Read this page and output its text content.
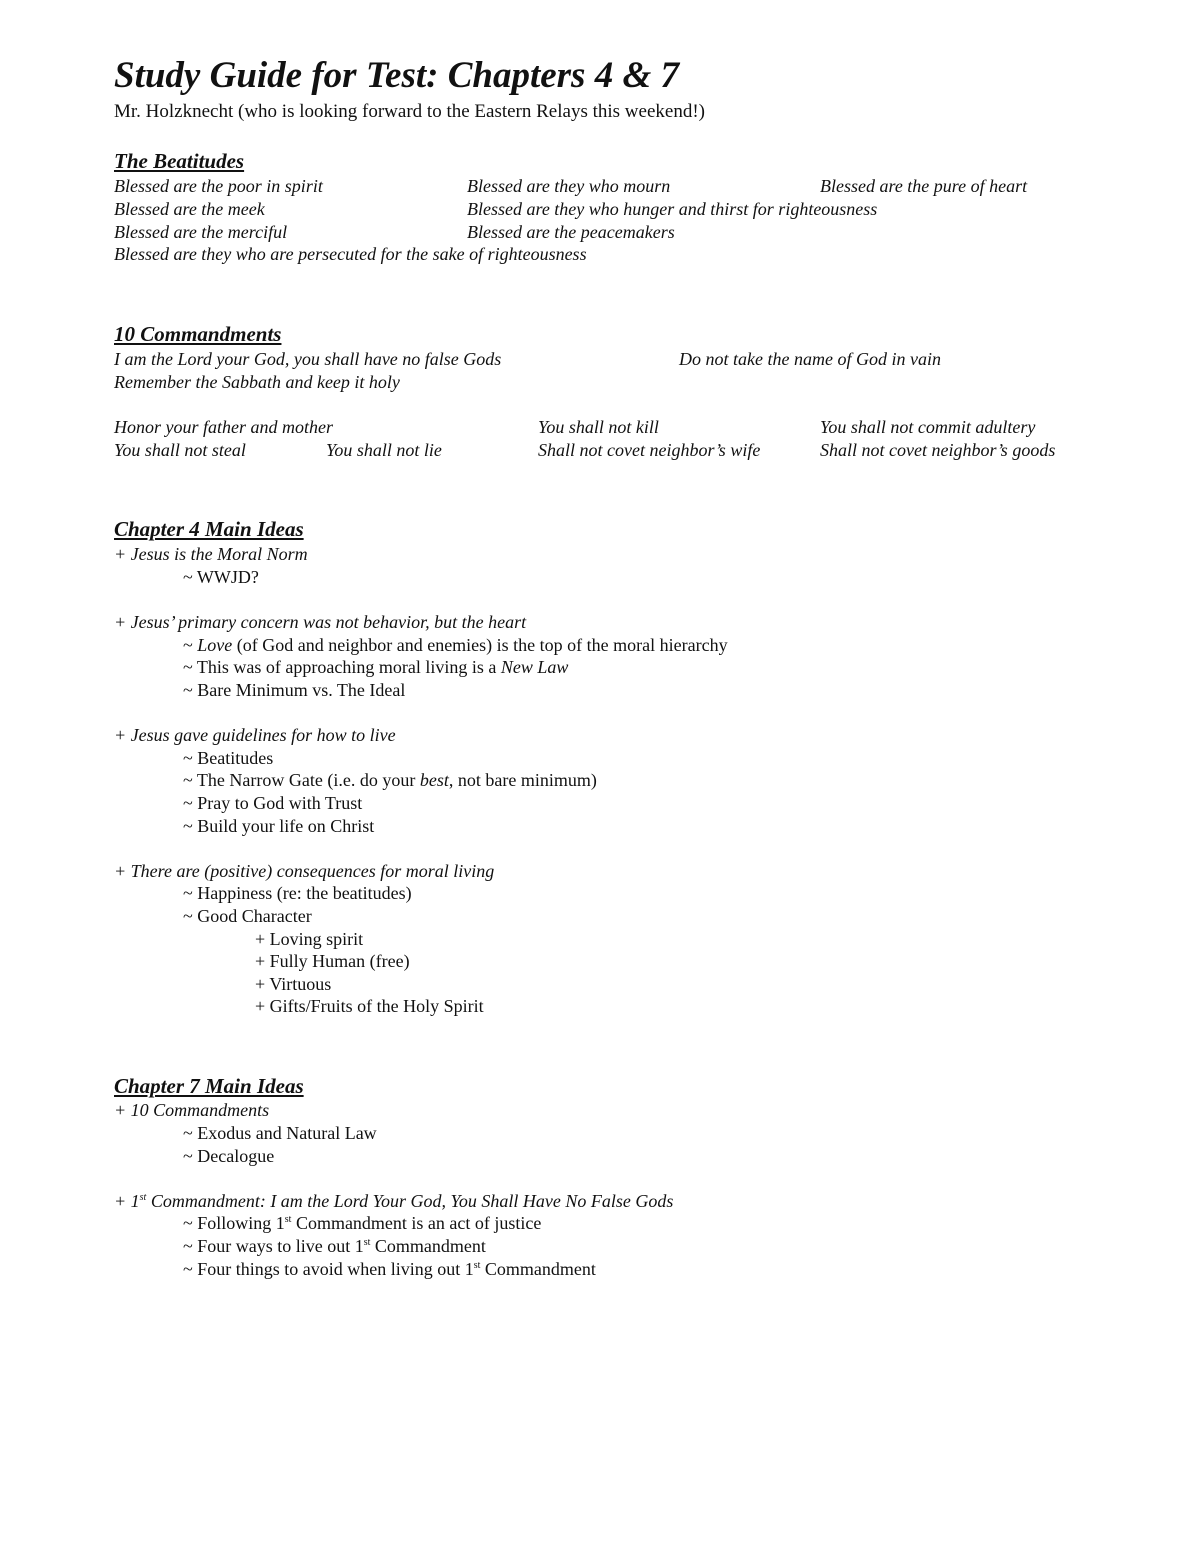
Study Guide for Test: Chapters 4 & 7
Mr. Holzknecht (who is looking forward to the Eastern Relays this weekend!)
The Beatitudes
Blessed are the poor in spirit	Blessed are they who mourn	Blessed are the pure of heart
Blessed are the meek	Blessed are they who hunger and thirst for righteousness
Blessed are the merciful	Blessed are the peacemakers
Blessed are they who are persecuted for the sake of righteousness
10 Commandments
I am the Lord your God, you shall have no false Gods	Do not take the name of God in vain
Remember the Sabbath and keep it holy
Honor your father and mother	You shall not kill	You shall not commit adultery
You shall not steal	You shall not lie	Shall not covet neighbor’s wife	Shall not covet neighbor’s goods
Chapter 4 Main Ideas
+ Jesus is the Moral Norm
~ WWJD?
+ Jesus’ primary concern was not behavior, but the heart
~ Love (of God and neighbor and enemies) is the top of the moral hierarchy
~ This was of approaching moral living is a New Law
~ Bare Minimum vs. The Ideal
+ Jesus gave guidelines for how to live
~ Beatitudes
~ The Narrow Gate (i.e. do your best, not bare minimum)
~ Pray to God with Trust
~ Build your life on Christ
+ There are (positive) consequences for moral living
~ Happiness (re: the beatitudes)
~ Good Character
+ Loving spirit
+ Fully Human (free)
+ Virtuous
+ Gifts/Fruits of the Holy Spirit
Chapter 7 Main Ideas
+ 10 Commandments
~ Exodus and Natural Law
~ Decalogue
+ 1st Commandment: I am the Lord Your God, You Shall Have No False Gods
~ Following 1st Commandment is an act of justice
~ Four ways to live out 1st Commandment
~ Four things to avoid when living out 1st Commandment
